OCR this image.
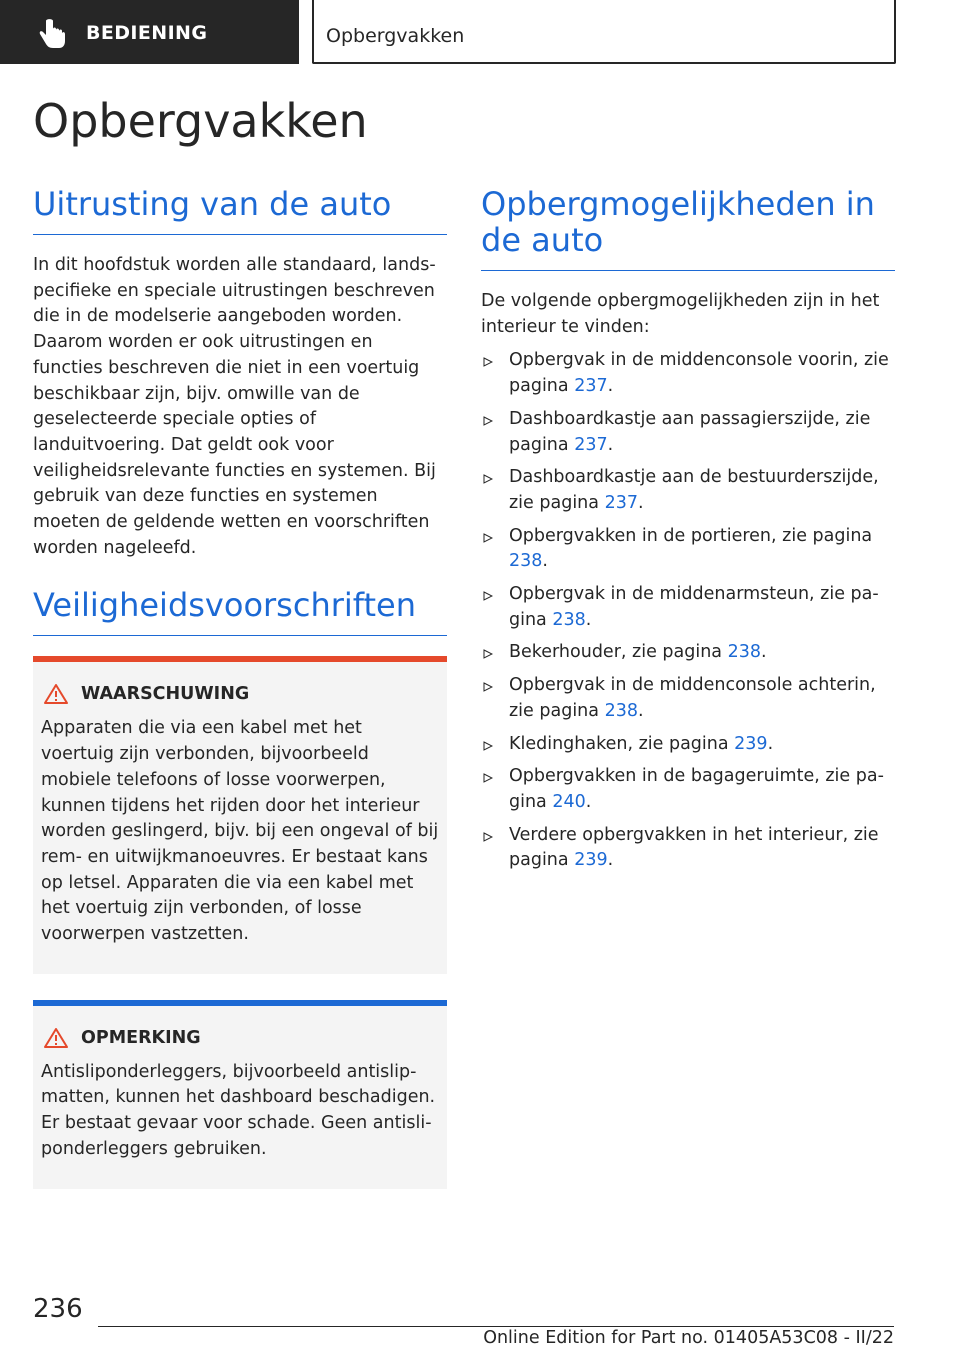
BEDIENING	Opbergvakken
Opbergvakken
Uitrusting van de auto

In dit hoofdstuk worden alle standaard, landspecifieke en speciale uitrustingen beschreven die in de modelserie aangeboden worden. Daarom worden er ook uitrustingen en functies beschreven die niet in een voertuig beschikbaar zijn, bijv. omwille van de geselecteerde speciale opties of landuitvoering. Dat geldt ook voor veiligheidsrelevante functies en systemen. Bij gebruik van deze functies en systemen moeten de geldende wetten en voorschriften worden nageleefd.

Veiligheidsvoorschriften
WAARSCHUWING

Apparaten die via een kabel met het voertuig zijn verbonden, bijvoorbeeld mobiele telefoons of losse voorwerpen, kunnen tijdens het rijden door het interieur worden geslingerd, bijv. bij een ongeval of bij rem- en uitwijkmanoeuvres. Er bestaat kans op letsel. Apparaten die via een kabel met het voertuig zijn verbonden, of losse voorwerpen vastzetten.

OPMERKING

Antisliponderleggers, bijvoorbeeld antislipmatten, kunnen het dashboard beschadigen. Er bestaat gevaar voor schade. Geen antisliponderleggers gebruiken.

Opbergmogelijkheden in de auto

De volgende opbergmogelijkheden zijn in het interieur te vinden:

Opbergvak in de middenconsole voorin, zie pagina 237.
Dashboardkastje aan passagierszijde, zie pagina 237.
Dashboardkastje aan de bestuurderszijde, zie pagina 237.
Opbergvakken in de portieren, zie pagina 238.
Opbergvak in de middenarmsteun, zie pagina 238.
Bekerhouder, zie pagina 238.
Opbergvak in de middenconsole achterin, zie pagina 238.
Kledinghaken, zie pagina 239.
Opbergvakken in de bagageruimte, zie pagina 240.
Verdere opbergvakken in het interieur, zie pagina 239.
236
Online Edition for Part no. 01405A53C08 - II/22
